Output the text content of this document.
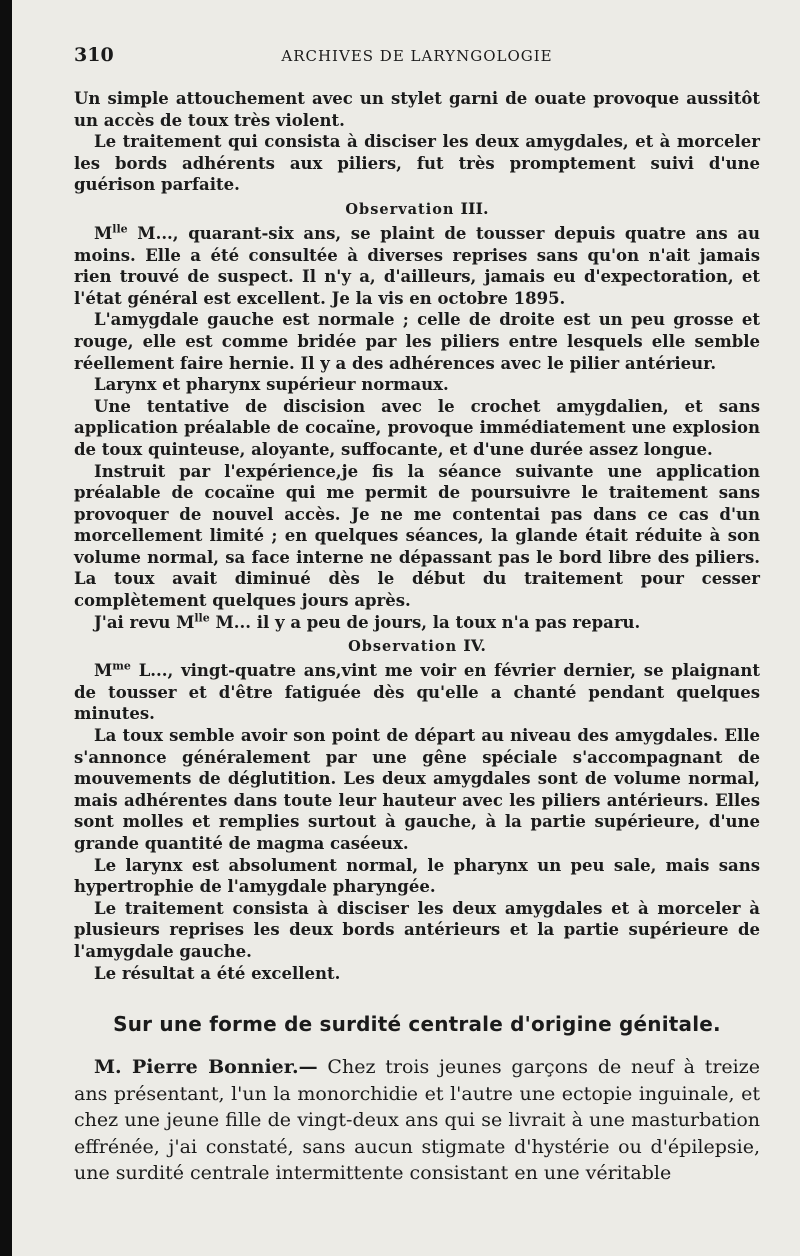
310	ARCHIVES DE LARYNGOLOGIE

Un simple attouchement avec un stylet garni de ouate provoque aussitôt un accès de toux très violent.

Le traitement qui consista à disciser les deux amygdales, et à morceler les bords adhérents aux piliers, fut très promptement suivi d'une guérison parfaite.

Observation III.

$M^{lle}$ M..., quarant-six ans, se plaint de tousser depuis quatre ans au moins. Elle a été consultée à diverses reprises sans qu'on n'ait jamais rien trouvé de suspect. Il n'y a, d'ailleurs, jamais eu d'expectoration, et l'état général est excellent. Je la vis en octobre 1895.

L'amygdale gauche est normale ; celle de droite est un peu grosse et rouge, elle est comme bridée par les piliers entre lesquels elle semble réellement faire hernie. Il y a des adhérences avec le pilier antérieur.

Larynx et pharynx supérieur normaux.

Une tentative de discision avec le crochet amygdalien, et sans application préalable de cocaïne, provoque immédiatement une explosion de toux quinteuse, aloyante, suffocante, et d'une durée assez longue.

Instruit par l'expérience,je fis la séance suivante une application préalable de cocaïne qui me permit de poursuivre le traitement sans provoquer de nouvel accès. Je ne me contentai pas dans ce cas d'un morcellement limité ; en quelques séances, la glande était réduite à son volume normal, sa face interne ne dépassant pas le bord libre des piliers. La toux avait diminué dès le début du traitement pour cesser complètement quelques jours après.

J'ai revu $M^{lle}$ M... il y a peu de jours, la toux n'a pas reparu.

Observation IV.

$M^{me}$ L..., vingt-quatre ans,vint me voir en février dernier, se plaignant de tousser et d'être fatiguée dès qu'elle a chanté pendant quelques minutes.

La toux semble avoir son point de départ au niveau des amygdales. Elle s'annonce généralement par une gêne spéciale s'accompagnant de mouvements de déglutition. Les deux amygdales sont de volume normal, mais adhérentes dans toute leur hauteur avec les piliers antérieurs. Elles sont molles et remplies surtout à gauche, à la partie supérieure, d'une grande quantité de magma caséeux.

Le larynx est absolument normal, le pharynx un peu sale, mais sans hypertrophie de l'amygdale pharyngée.

Le traitement consista à disciser les deux amygdales et à morceler à plusieurs reprises les deux bords antérieurs et la partie supérieure de l'amygdale gauche.

Le résultat a été excellent.

Sur une forme de surdité centrale d'origine génitale.

M. Pierre Bonnier.— Chez trois jeunes garçons de neuf à treize ans présentant, l'un la monorchidie et l'autre une ectopie inguinale, et chez une jeune fille de vingt-deux ans qui se livrait à une masturbation effrénée, j'ai constaté, sans aucun stigmate d'hystérie ou d'épilepsie, une surdité centrale intermittente consistant en une véritable
